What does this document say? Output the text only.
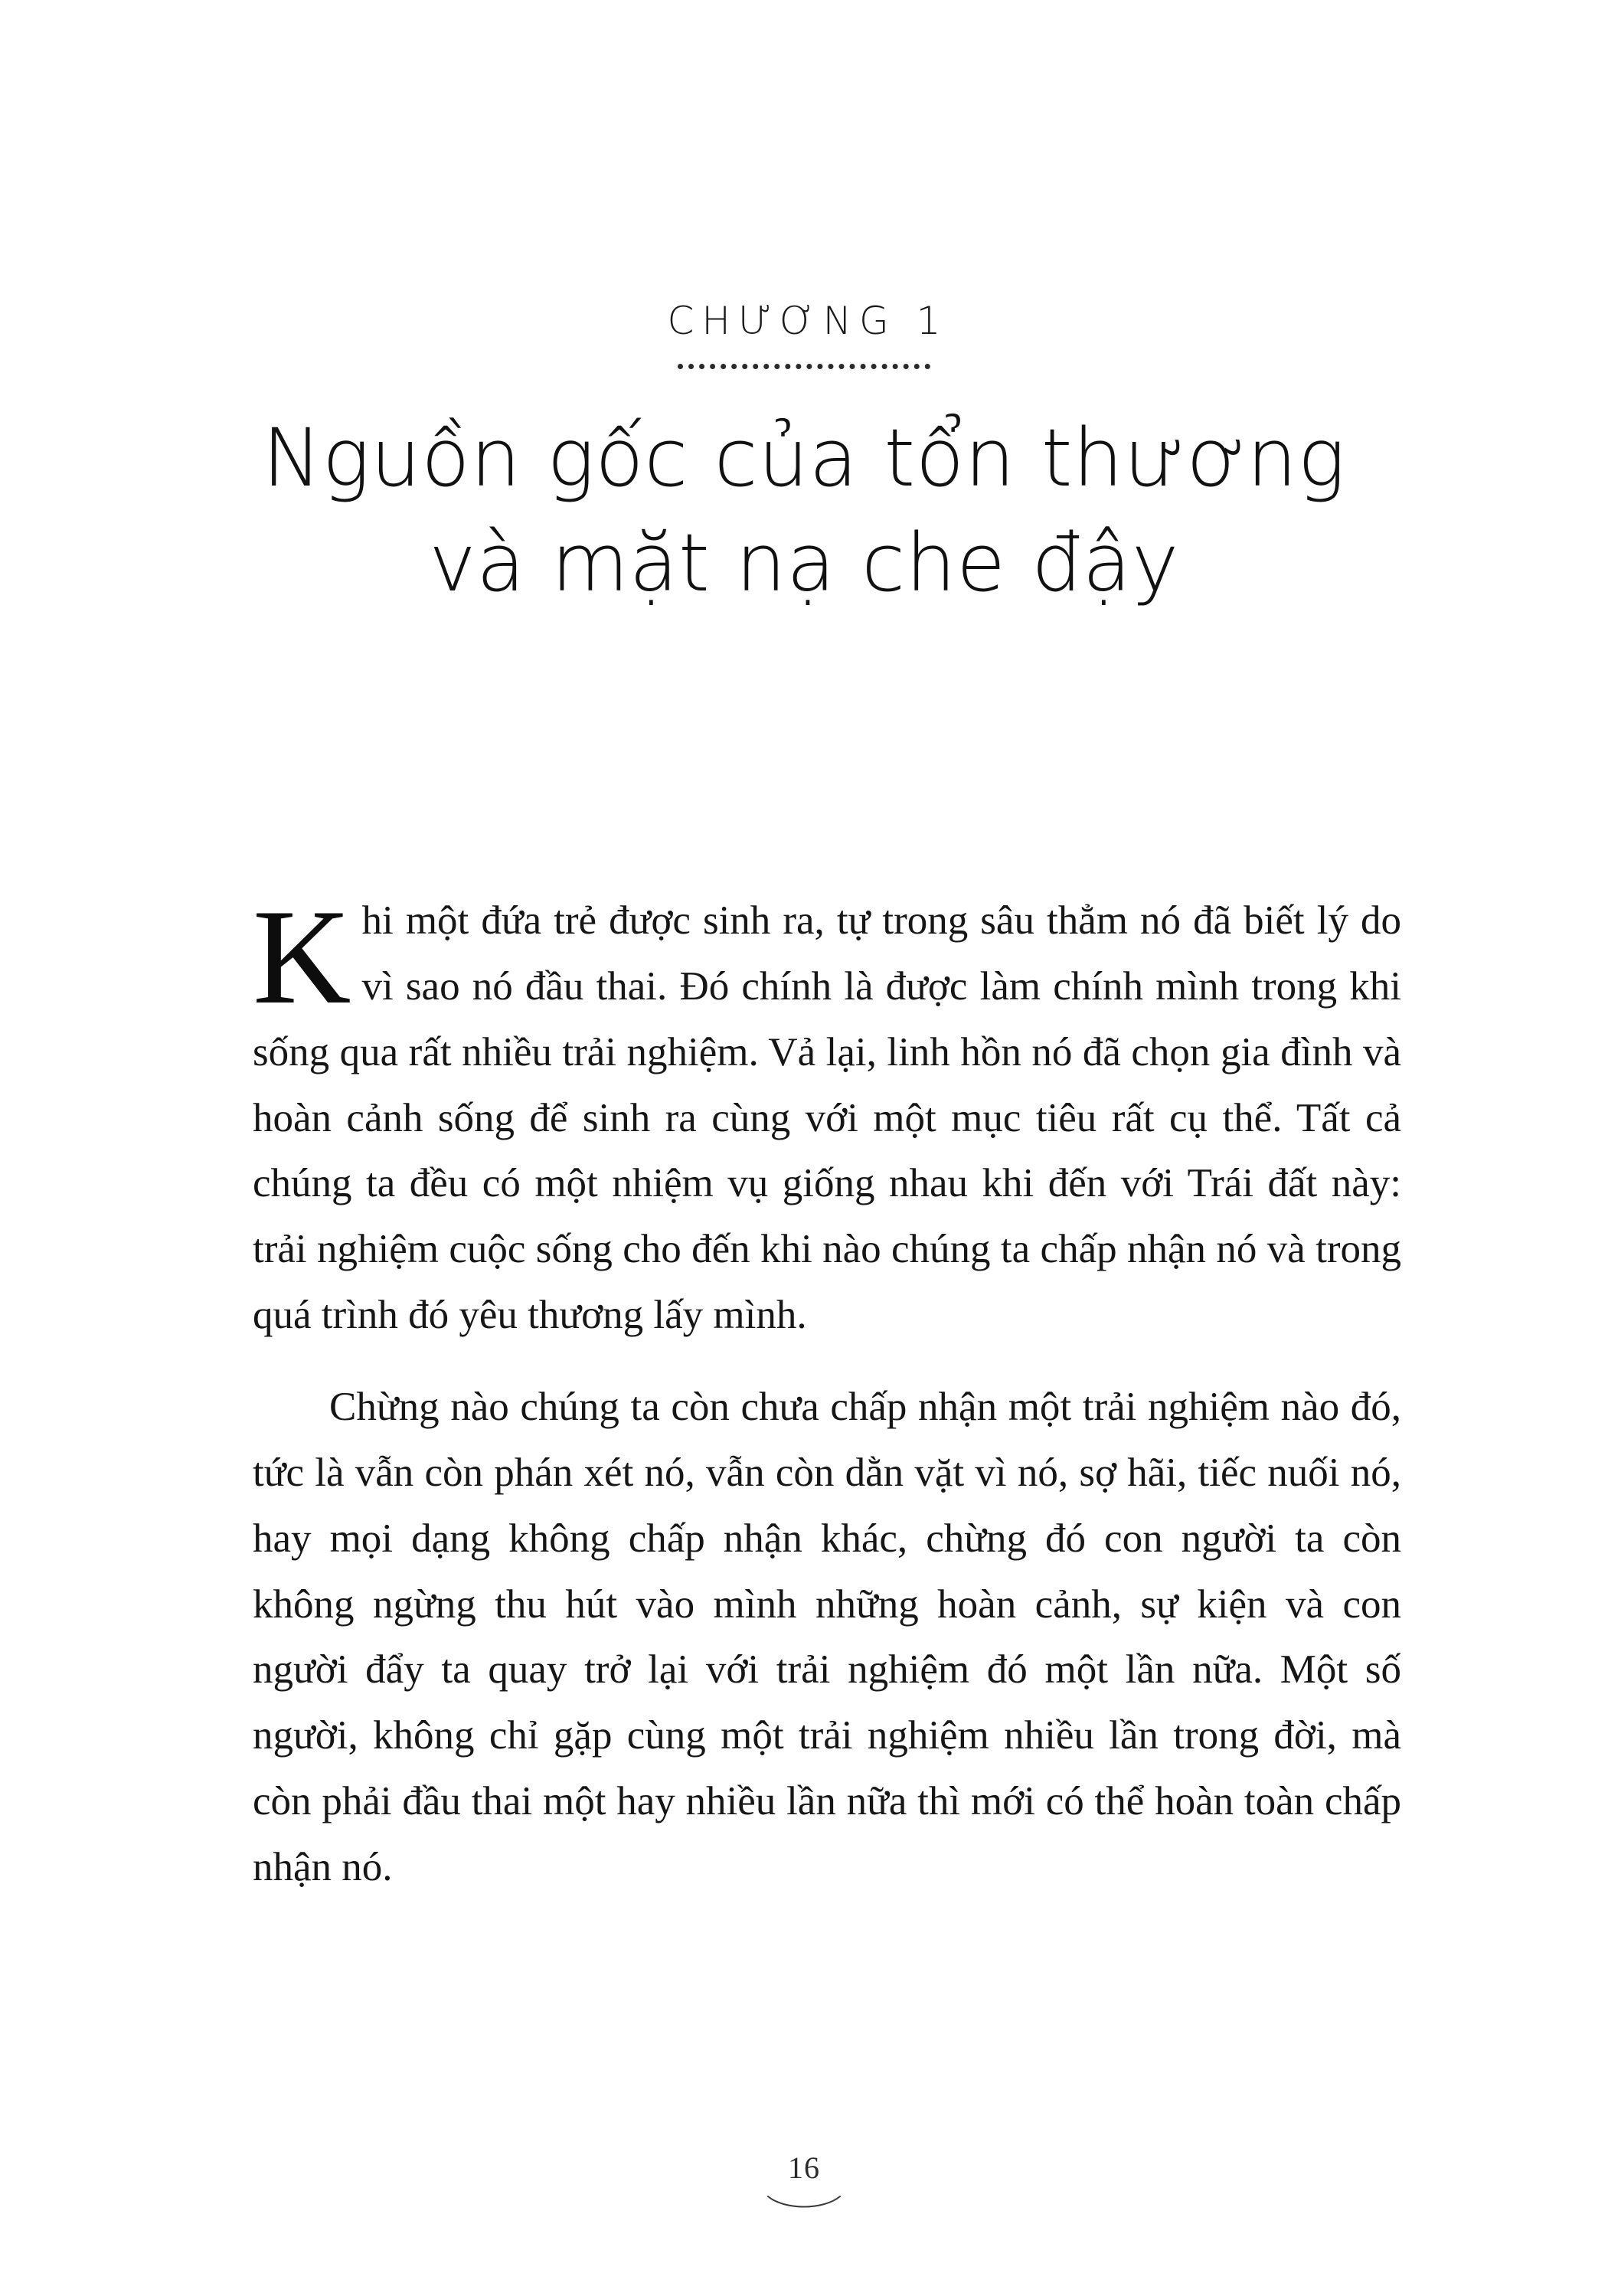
CHƯƠNG 1
Nguồn gốc của tổn thương
và mặt nạ che đậy

Khi một đứa trẻ được sinh ra, tự trong sâu thẳm nó đã biết lý do vì sao nó đầu thai. Đó chính là được làm chính mình trong khi sống qua rất nhiều trải nghiệm. Vả lại, linh hồn nó đã chọn gia đình và hoàn cảnh sống để sinh ra cùng với một mục tiêu rất cụ thể. Tất cả chúng ta đều có một nhiệm vụ giống nhau khi đến với Trái đất này: trải nghiệm cuộc sống cho đến khi nào chúng ta chấp nhận nó và trong quá trình đó yêu thương lấy mình.

Chừng nào chúng ta còn chưa chấp nhận một trải nghiệm nào đó, tức là vẫn còn phán xét nó, vẫn còn dằn vặt vì nó, sợ hãi, tiếc nuối nó, hay mọi dạng không chấp nhận khác, chừng đó con người ta còn không ngừng thu hút vào mình những hoàn cảnh, sự kiện và con người đẩy ta quay trở lại với trải nghiệm đó một lần nữa. Một số người, không chỉ gặp cùng một trải nghiệm nhiều lần trong đời, mà còn phải đầu thai một hay nhiều lần nữa thì mới có thể hoàn toàn chấp nhận nó.

16
